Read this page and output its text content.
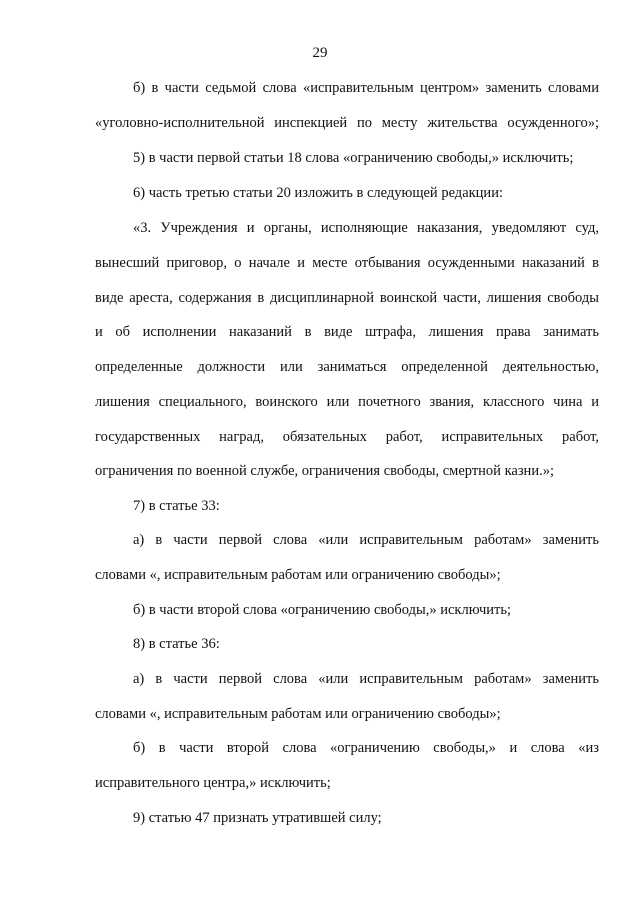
29
б) в части седьмой слова «исправительным центром» заменить словами
«уголовно-исполнительной инспекцией по месту жительства осужденного»;
5) в части первой статьи 18 слова «ограничению свободы,» исключить;
6) часть третью статьи 20 изложить в следующей редакции:
«3. Учреждения и органы, исполняющие наказания, уведомляют суд,
вынесший приговор, о начале и месте отбывания осужденными наказаний в
виде ареста, содержания в дисциплинарной воинской части, лишения свободы
и об исполнении наказаний в виде штрафа, лишения права занимать
определенные должности или заниматься определенной деятельностью,
лишения специального, воинского или почетного звания, классного чина и
государственных наград, обязательных работ, исправительных работ,
ограничения по военной службе, ограничения свободы, смертной казни.»;
7) в статье 33:
а) в части первой слова «или исправительным работам» заменить
словами «, исправительным работам или ограничению свободы»;
б) в части второй слова «ограничению свободы,» исключить;
8) в статье 36:
а) в части первой слова «или исправительным работам» заменить
словами «, исправительным работам или ограничению свободы»;
б) в части второй слова «ограничению свободы,» и слова «из
исправительного центра,» исключить;
9) статью 47 признать утратившей силу;
